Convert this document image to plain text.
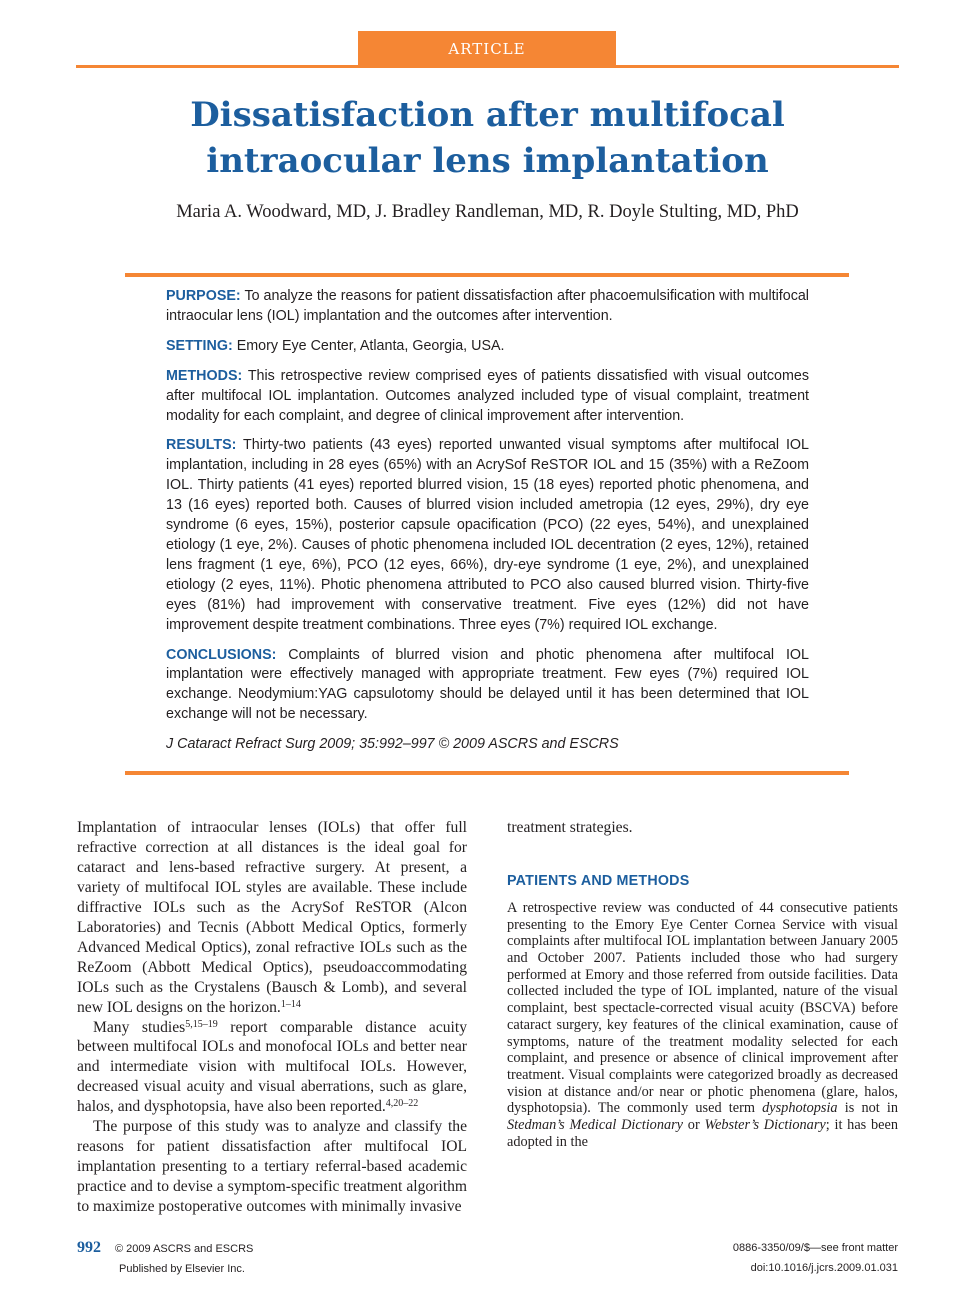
ARTICLE
Dissatisfaction after multifocal intraocular lens implantation
Maria A. Woodward, MD, J. Bradley Randleman, MD, R. Doyle Stulting, MD, PhD

PURPOSE: To analyze the reasons for patient dissatisfaction after phacoemulsification with multifocal intraocular lens (IOL) implantation and the outcomes after intervention.

SETTING: Emory Eye Center, Atlanta, Georgia, USA.

METHODS: This retrospective review comprised eyes of patients dissatisfied with visual outcomes after multifocal IOL implantation. Outcomes analyzed included type of visual complaint, treatment modality for each complaint, and degree of clinical improvement after intervention.

RESULTS: Thirty-two patients (43 eyes) reported unwanted visual symptoms after multifocal IOL implantation, including in 28 eyes (65%) with an AcrySof ReSTOR IOL and 15 (35%) with a ReZoom IOL. Thirty patients (41 eyes) reported blurred vision, 15 (18 eyes) reported photic phenomena, and 13 (16 eyes) reported both. Causes of blurred vision included ametropia (12 eyes, 29%), dry eye syndrome (6 eyes, 15%), posterior capsule opacification (PCO) (22 eyes, 54%), and unexplained etiology (1 eye, 2%). Causes of photic phenomena included IOL decentration (2 eyes, 12%), retained lens fragment (1 eye, 6%), PCO (12 eyes, 66%), dry-eye syndrome (1 eye, 2%), and unexplained etiology (2 eyes, 11%). Photic phenomena attributed to PCO also caused blurred vision. Thirty-five eyes (81%) had improvement with conservative treatment. Five eyes (12%) did not have improvement despite treatment combinations. Three eyes (7%) required IOL exchange.

CONCLUSIONS: Complaints of blurred vision and photic phenomena after multifocal IOL implantation were effectively managed with appropriate treatment. Few eyes (7%) required IOL exchange. Neodymium:YAG capsulotomy should be delayed until it has been determined that IOL exchange will not be necessary.

J Cataract Refract Surg 2009; 35:992–997 © 2009 ASCRS and ESCRS

Implantation of intraocular lenses (IOLs) that offer full refractive correction at all distances is the ideal goal for cataract and lens-based refractive surgery. At present, a variety of multifocal IOL styles are available. These include diffractive IOLs such as the AcrySof ReSTOR (Alcon Laboratories) and Tecnis (Abbott Medical Optics, formerly Advanced Medical Optics), zonal refractive IOLs such as the ReZoom (Abbott Medical Optics), pseudoaccommodating IOLs such as the Crystalens (Bausch & Lomb), and several new IOL designs on the horizon.$^{1-14}$

Many studies$^{5,15-19}$ report comparable distance acuity between multifocal IOLs and monofocal IOLs and better near and intermediate vision with multifocal IOLs. However, decreased visual acuity and visual aberrations, such as glare, halos, and dysphotopsia, have also been reported.$^{4,20-22}$

The purpose of this study was to analyze and classify the reasons for patient dissatisfaction after multifocal IOL implantation presenting to a tertiary referral-based academic practice and to devise a symptom-specific treatment algorithm to maximize postoperative outcomes with minimally invasive

treatment strategies.

PATIENTS AND METHODS

A retrospective review was conducted of 44 consecutive patients presenting to the Emory Eye Center Cornea Service with visual complaints after multifocal IOL implantation between January 2005 and October 2007. Patients included those who had surgery performed at Emory and those referred from outside facilities. Data collected included the type of IOL implanted, nature of the visual complaint, best spectacle-corrected visual acuity (BSCVA) before cataract surgery, key features of the clinical examination, cause of symptoms, nature of the treatment modality selected for each complaint, and presence or absence of clinical improvement after treatment. Visual complaints were categorized broadly as decreased vision at distance and/or near or photic phenomena (glare, halos, dysphotopsia). The commonly used term dysphotopsia is not in Stedman’s Medical Dictionary or Webster’s Dictionary; it has been adopted in the

992 © 2009 ASCRS and ESCRS
Published by Elsevier Inc.
0886-3350/09/$—see front matter
doi:10.1016/j.jcrs.2009.01.031
